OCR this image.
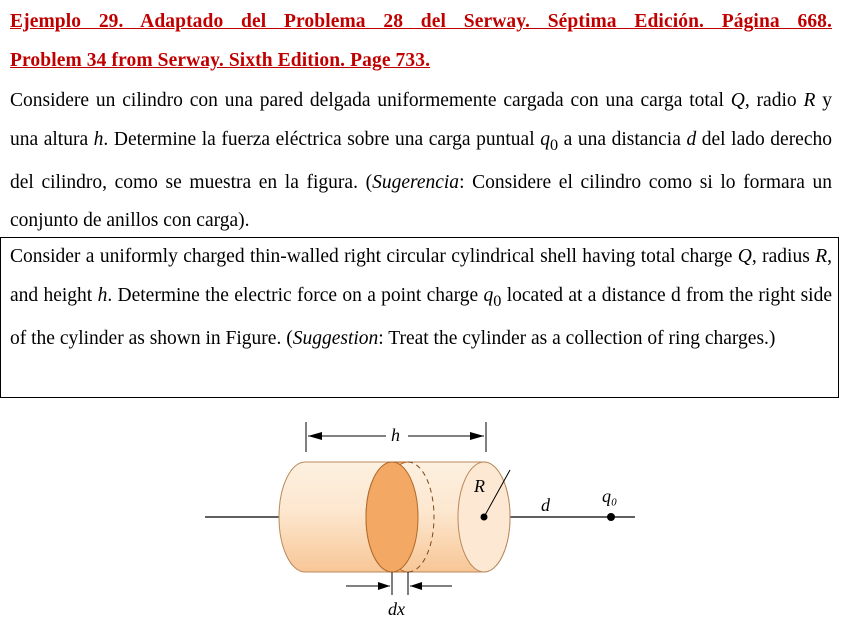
Ejemplo 29. Adaptado del Problema 28 del Serway. Séptima Edición. Página 668.
Problem 34 from Serway. Sixth Edition. Page 733.
Considere un cilindro con una pared delgada uniformemente cargada con una carga total Q, radio R y una altura h. Determine la fuerza eléctrica sobre una carga puntual $q_0$ a una distancia d del lado derecho del cilindro, como se muestra en la figura. (Sugerencia: Considere el cilindro como si lo formara un conjunto de anillos con carga).
Consider a uniformly charged thin-walled right circular cylindrical shell having total charge Q, radius R, and height h. Determine the electric force on a point charge $q_0$ located at a distance d from the right side of the cylinder as shown in Figure. (Suggestion: Treat the cylinder as a collection of ring charges.)
R
d	q₀
h
dx
